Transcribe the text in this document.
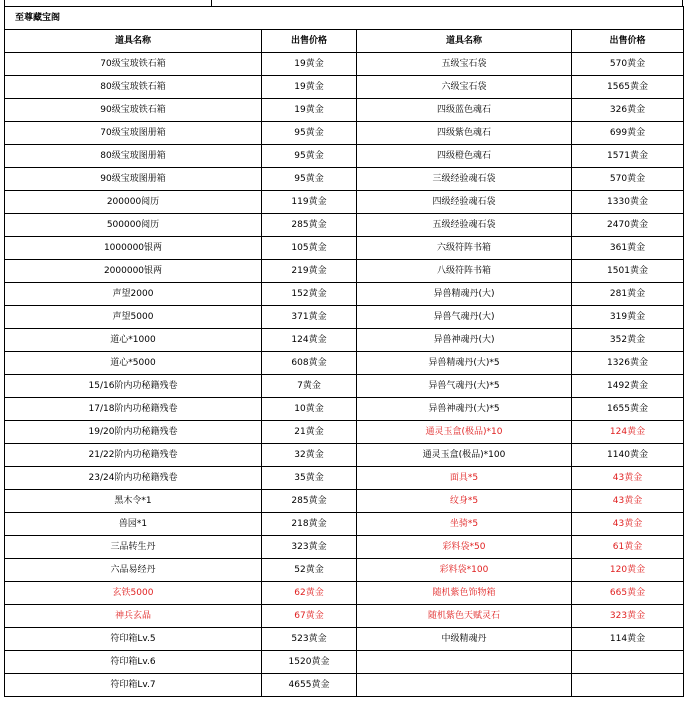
至尊藏宝阁			
道具名称	出售价格	道具名称	出售价格
70级宝玻铁石箱	19黄金	五级宝石袋	570黄金
80级宝玻铁石箱	19黄金	六级宝石袋	1565黄金
90级宝玻铁石箱	19黄金	四级蓝色魂石	326黄金
70级宝玻图册箱	95黄金	四级紫色魂石	699黄金
80级宝玻图册箱	95黄金	四级橙色魂石	1571黄金
90级宝玻图册箱	95黄金	三级经验魂石袋	570黄金
200000阅历	119黄金	四级经验魂石袋	1330黄金
500000阅历	285黄金	五级经验魂石袋	2470黄金
1000000银两	105黄金	六级符阵书箱	361黄金
2000000银两	219黄金	八级符阵书箱	1501黄金
声望2000	152黄金	异兽精魂丹(大)	281黄金
声望5000	371黄金	异兽气魂丹(大)	319黄金
道心*1000	124黄金	异兽神魂丹(大)	352黄金
道心*5000	608黄金	异兽精魂丹(大)*5	1326黄金
15/16阶内功秘籍残卷	7黄金	异兽气魂丹(大)*5	1492黄金
17/18阶内功秘籍残卷	10黄金	异兽神魂丹(大)*5	1655黄金
19/20阶内功秘籍残卷	21黄金	通灵玉盒(极品)*10	124黄金
21/22阶内功秘籍残卷	32黄金	通灵玉盒(极品)*100	1140黄金
23/24阶内功秘籍残卷	35黄金	面具*5	43黄金
黑木令*1	285黄金	纹身*5	43黄金
兽园*1	218黄金	坐骑*5	43黄金
三品转生丹	323黄金	彩料袋*50	61黄金
六品易经丹	52黄金	彩料袋*100	120黄金
玄铁5000	62黄金	随机紫色饰物箱	665黄金
神兵玄晶	67黄金	随机紫色天赋灵石	323黄金
符印箱Lv.5	523黄金	中级精魂丹	114黄金
符印箱Lv.6	1520黄金		
符印箱Lv.7	4655黄金		
